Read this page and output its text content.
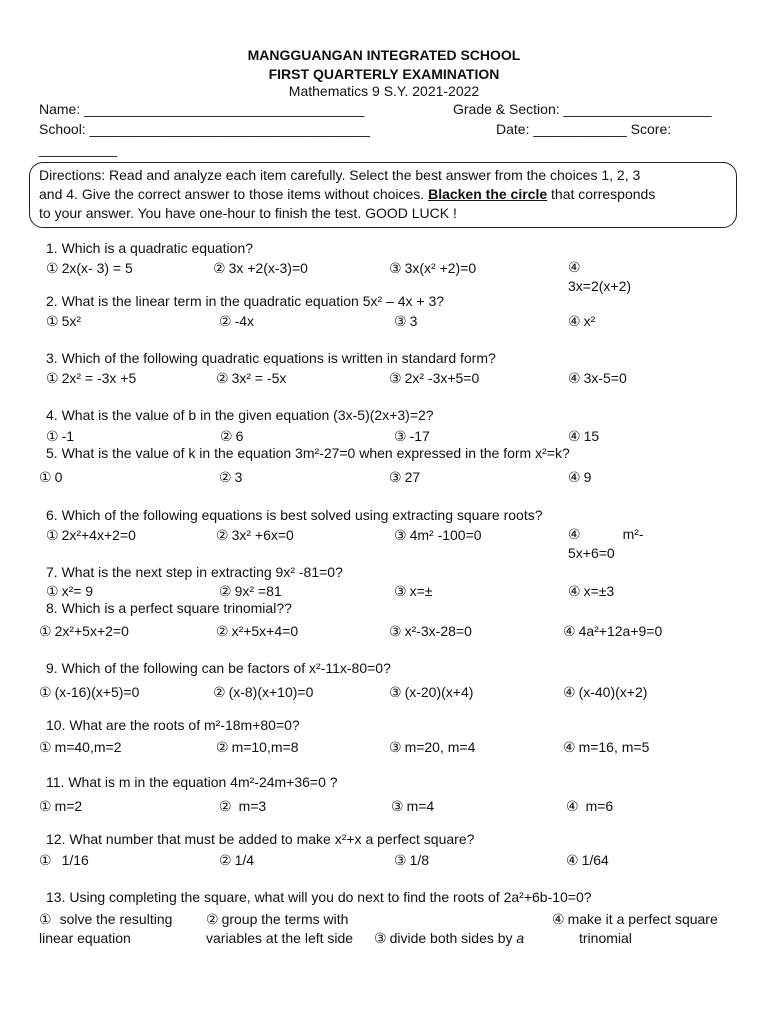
MANGGUANGAN INTEGRATED SCHOOL
FIRST QUARTERLY EXAMINATION
Mathematics 9 S.Y. 2021-2022
Name: ____________________________________	Grade & Section: ___________________
School: ____________________________________	Date: ____________ Score:
__________
Directions: Read and analyze each item carefully. Select the best answer from the choices 1, 2, 3
and 4. Give the correct answer to those items without choices. Blacken the circle that corresponds
to your answer. You have one-hour to finish the test. GOOD LUCK !
1. Which is a quadratic equation?
① 2x(x- 3) = 5	② 3x +2(x-3)=0	③ 3x(x² +2)=0	④
3x=2(x+2)
2. What is the linear term in the quadratic equation 5x² – 4x + 3?
① 5x²	② -4x	③ 3	④ x²
3. Which of the following quadratic equations is written in standard form?
① 2x² = -3x +5	② 3x² = -5x	③ 2x² -3x+5=0	④ 3x-5=0
4. What is the value of b in the given equation (3x-5)(2x+3)=2?
① -1	② 6	③ -17	④ 15
5. What is the value of k in the equation 3m²-27=0 when expressed in the form x²=k?
① 0	② 3	③ 27	④ 9
6. Which of the following equations is best solved using extracting square roots?
① 2x²+4x+2=0	② 3x² +6x=0	③ 4m² -100=0	④	m²-
5x+6=0
7. What is the next step in extracting 9x² -81=0?
① x²= 9	② 9x² =81	③ x=±	④ x=±3
8. Which is a perfect square trinomial??
① 2x²+5x+2=0	② x²+5x+4=0	③ x²-3x-28=0	④ 4a²+12a+9=0
9. Which of the following can be factors of x²-11x-80=0?
① (x-16)(x+5)=0	② (x-8)(x+10)=0	③ (x-20)(x+4)	④ (x-40)(x+2)
10. What are the roots of m²-18m+80=0?
① m=40,m=2	② m=10,m=8	③ m=20, m=4	④ m=16, m=5
11. What is m in the equation 4m²-24m+36=0 ?
① m=2	② m=3	③ m=4	④ m=6
12. What number that must be added to make x²+x a perfect square?
① 1/16	② 1/4	③ 1/8	④ 1/64
13. Using completing the square, what will you do next to find the roots of 2a²+6b-10=0?
① solve the resulting
linear equation
② group the terms with
variables at the left side ③ divide both sides by a
④ make it a perfect square
trinomial
